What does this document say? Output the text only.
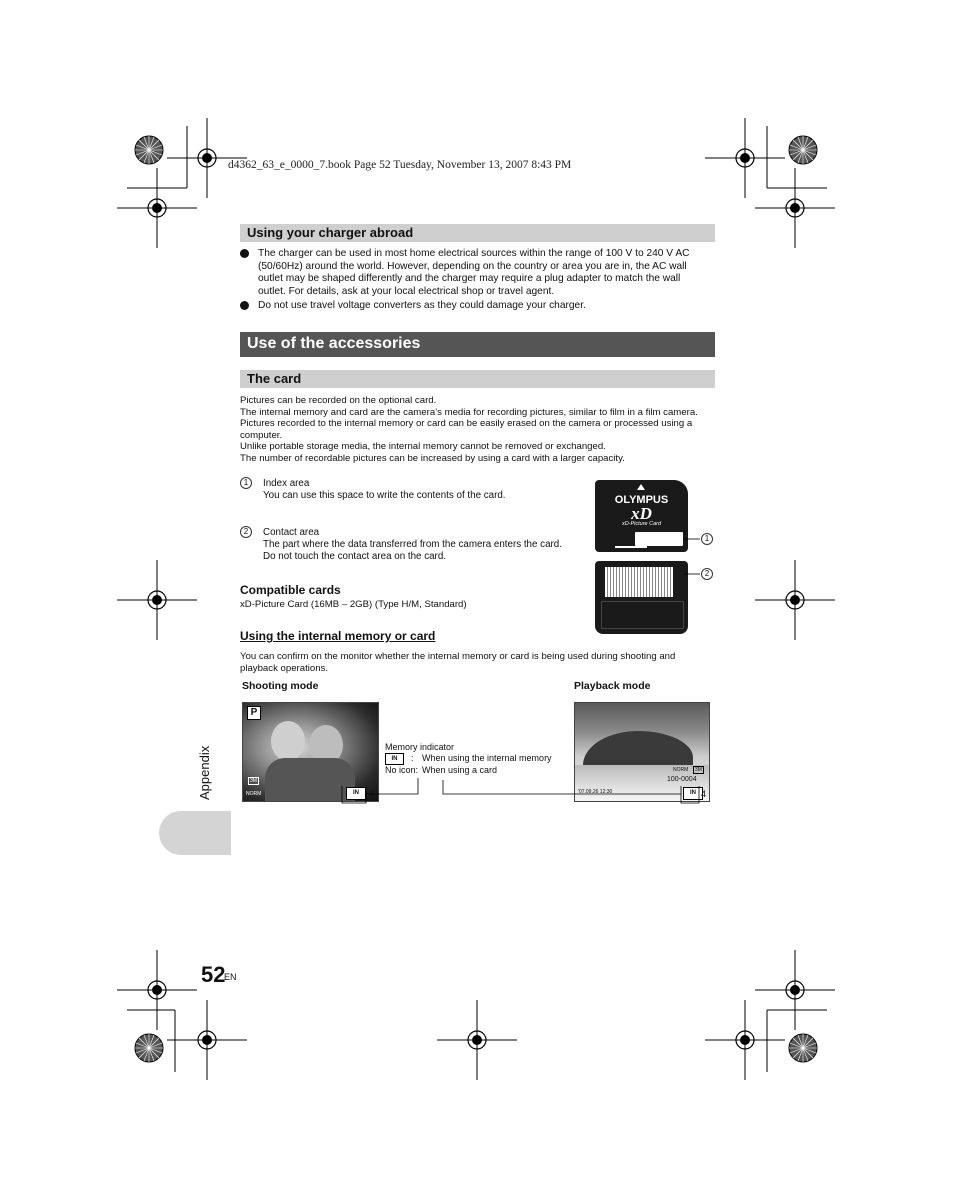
d4362_63_e_0000_7.book Page 52 Tuesday, November 13, 2007 8:43 PM
Using your charger abroad
The charger can be used in most home electrical sources within the range of 100 V to 240 V AC
(50/60Hz) around the world. However, depending on the country or area you are in, the AC wall
outlet may be shaped differently and the charger may require a plug adapter to match the wall
outlet. For details, ask at your local electrical shop or travel agent.
Do not use travel voltage converters as they could damage your charger.
Use of the accessories
The card
Pictures can be recorded on the optional card.
The internal memory and card are the camera’s media for recording pictures, similar to film in a film camera.
Pictures recorded to the internal memory or card can be easily erased on the camera or processed using a
computer.
Unlike portable storage media, the internal memory cannot be removed or exchanged.
The number of recordable pictures can be increased by using a card with a larger capacity.
1 Index area
You can use this space to write the contents of the card.
2 Contact area
The part where the data transferred from the camera enters the card.
Do not touch the contact area on the card.
OLYMPUS
xD
xD-Picture Card
1
2
Compatible cards
xD-Picture Card (16MB – 2GB) (Type H/M, Standard)
Using the internal memory or card
You can confirm on the monitor whether the internal memory or card is being used during shooting and
playback operations.
Shooting mode	Playback mode
P
3M
NORM	IN	4
NORM	3M
100-0004
'07.09.26 12:30	IN 4
Memory indicator
IN	: When using the internal memory
No icon: When using a card
Appendix
52
EN
